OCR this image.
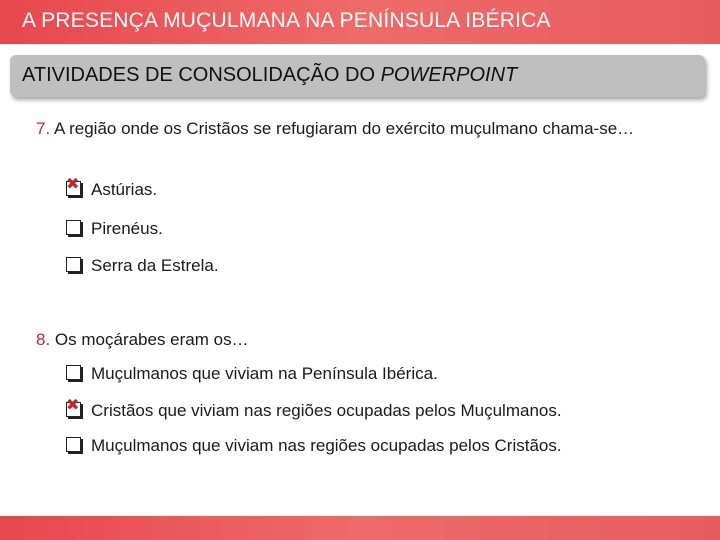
A PRESENÇA MUÇULMANA NA PENÍNSULA IBÉRICA
ATIVIDADES DE CONSOLIDAÇÃO DO POWERPOINT
7. A região onde os Cristãos se refugiaram do exército muçulmano chama-se…
✖ Astúrias.
Pirenéus.
Serra da Estrela.
8. Os moçárabes eram os…
Muçulmanos que viviam na Península Ibérica.
✖ Cristãos que viviam nas regiões ocupadas pelos Muçulmanos.
Muçulmanos que viviam nas regiões ocupadas pelos Cristãos.
